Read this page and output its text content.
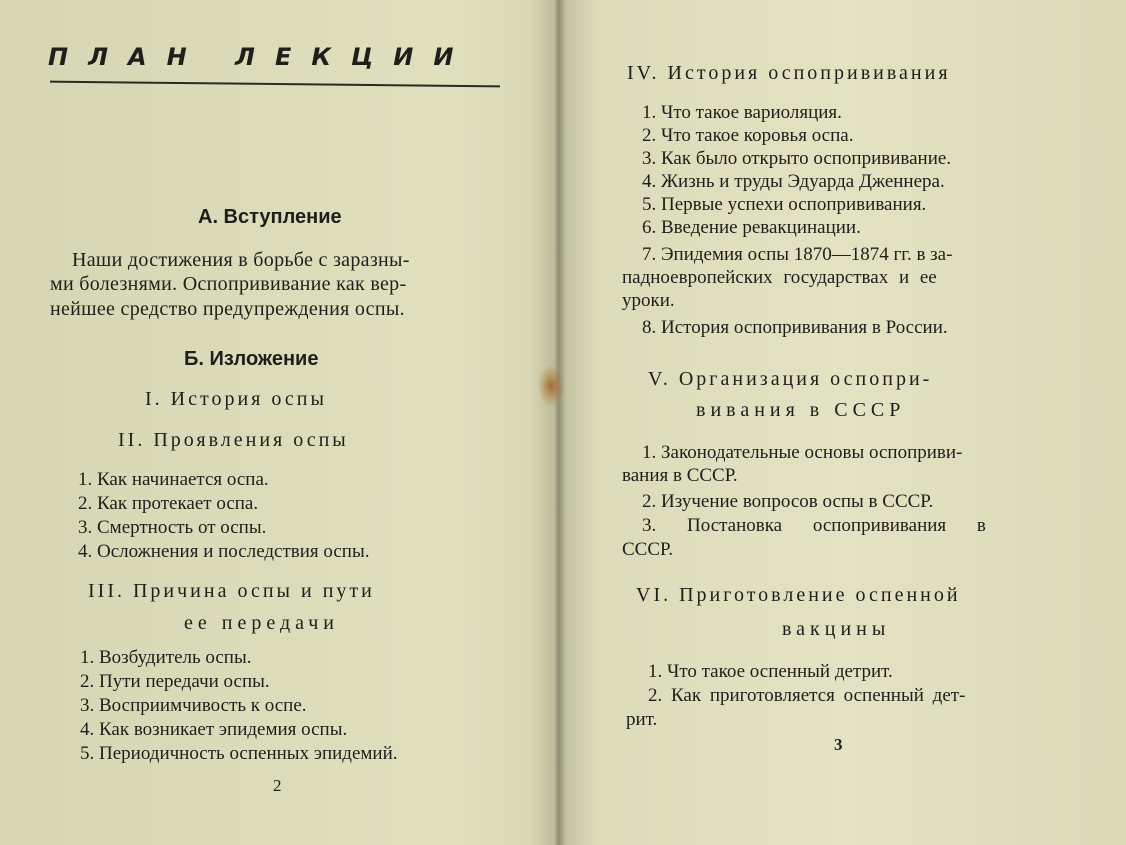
ПЛАН ЛЕКЦИИ
А. Вступление
Наши достижения в борьбе с заразны-
ми болезнями. Оспопрививание как вер-
нейшее средство предупреждения оспы.
Б. Изложение
I. История оспы
II. Проявления оспы
1. Как начинается оспа.
2. Как протекает оспа.
3. Смертность от оспы.
4. Осложнения и последствия оспы.
III. Причина оспы и пути
ее передачи
1. Возбудитель оспы.
2. Пути передачи оспы.
3. Восприимчивость к оспе.
4. Как возникает эпидемия оспы.
5. Периодичность оспенных эпидемий.
2
IV. История оспопрививания
1. Что такое вариоляция.
2. Что такое коровья оспа.
3. Как было открыто оспопрививание.
4. Жизнь и труды Эдуарда Дженнера.
5. Первые успехи оспопрививания.
6. Введение ревакцинации.
7. Эпидемия оспы 1870—1874 гг. в за-
падноевропейских государствах и ее
уроки.
8. История оспопрививания в России.
V. Организация оспопри-
вивания в СССР
1. Законодательные основы оспоприви-
вания в СССР.
2. Изучение вопросов оспы в СССР.
3. Постановка оспопрививания в
СССР.
VI. Приготовление оспенной
вакцины
1. Что такое оспенный детрит.
2. Как приготовляется оспенный дет-
рит.
3
